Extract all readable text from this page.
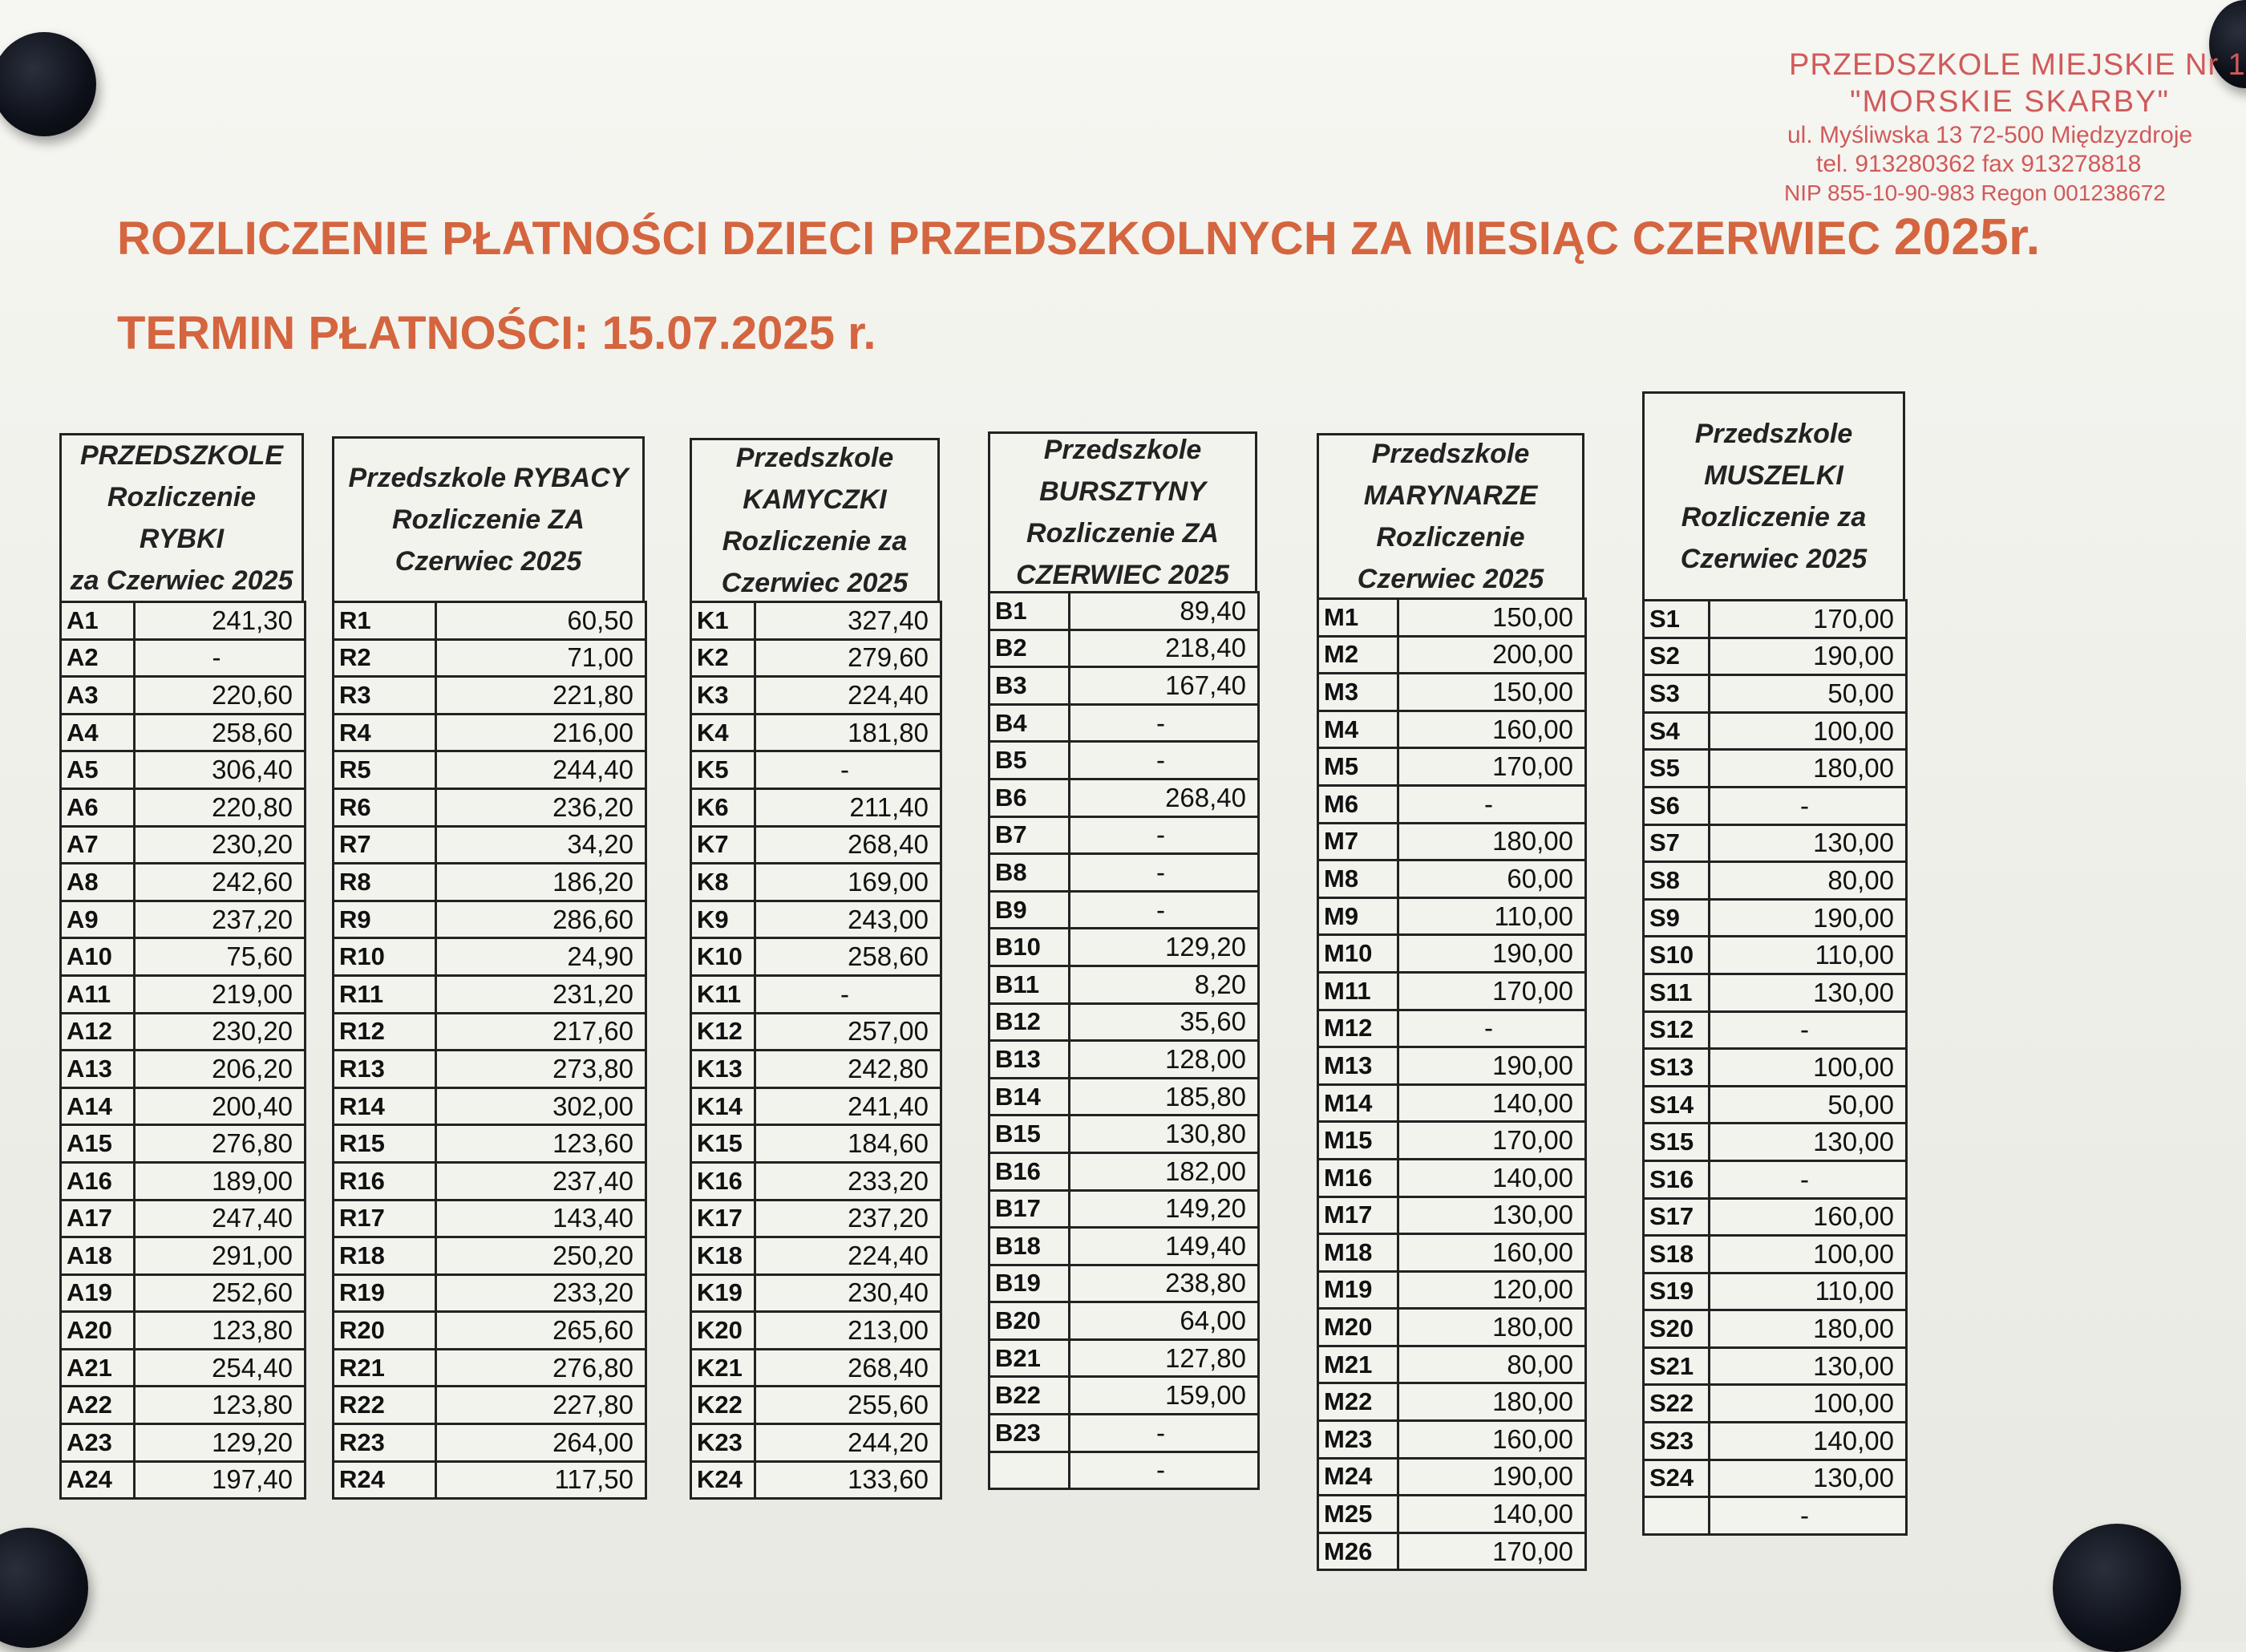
PRZEDSZKOLE MIEJSKIE Nr 1
"MORSKIE SKARBY"
ul. Myśliwska 13 72-500 Międzyzdroje
tel. 913280362 fax 913278818
NIP 855-10-90-983 Regon 001238672
ROZLICZENIE PŁATNOŚCI DZIECI PRZEDSZKOLNYCH ZA MIESIĄC CZERWIEC 2025r.
TERMIN PŁATNOŚCI: 15.07.2025 r.
PRZEDSZKOLE
Rozliczenie
RYBKI
za Czerwiec 2025
A1	241,30
A2	-
A3	220,60
A4	258,60
A5	306,40
A6	220,80
A7	230,20
A8	242,60
A9	237,20
A10	75,60
A11	219,00
A12	230,20
A13	206,20
A14	200,40
A15	276,80
A16	189,00
A17	247,40
A18	291,00
A19	252,60
A20	123,80
A21	254,40
A22	123,80
A23	129,20
A24	197,40
Przedszkole RYBACY
Rozliczenie ZA
Czerwiec 2025
R1	60,50
R2	71,00
R3	221,80
R4	216,00
R5	244,40
R6	236,20
R7	34,20
R8	186,20
R9	286,60
R10	24,90
R11	231,20
R12	217,60
R13	273,80
R14	302,00
R15	123,60
R16	237,40
R17	143,40
R18	250,20
R19	233,20
R20	265,60
R21	276,80
R22	227,80
R23	264,00
R24	117,50
Przedszkole
KAMYCZKI
Rozliczenie za
Czerwiec 2025
K1	327,40
K2	279,60
K3	224,40
K4	181,80
K5	-
K6	211,40
K7	268,40
K8	169,00
K9	243,00
K10	258,60
K11	-
K12	257,00
K13	242,80
K14	241,40
K15	184,60
K16	233,20
K17	237,20
K18	224,40
K19	230,40
K20	213,00
K21	268,40
K22	255,60
K23	244,20
K24	133,60
Przedszkole
BURSZTYNY
Rozliczenie ZA
CZERWIEC 2025
B1	89,40
B2	218,40
B3	167,40
B4	-
B5	-
B6	268,40
B7	-
B8	-
B9	-
B10	129,20
B11	8,20
B12	35,60
B13	128,00
B14	185,80
B15	130,80
B16	182,00
B17	149,20
B18	149,40
B19	238,80
B20	64,00
B21	127,80
B22	159,00
B23	-
	-
Przedszkole
MARYNARZE
Rozliczenie
Czerwiec 2025
M1	150,00
M2	200,00
M3	150,00
M4	160,00
M5	170,00
M6	-
M7	180,00
M8	60,00
M9	110,00
M10	190,00
M11	170,00
M12	-
M13	190,00
M14	140,00
M15	170,00
M16	140,00
M17	130,00
M18	160,00
M19	120,00
M20	180,00
M21	80,00
M22	180,00
M23	160,00
M24	190,00
M25	140,00
M26	170,00
Przedszkole
MUSZELKI
Rozliczenie za
Czerwiec 2025
S1	170,00
S2	190,00
S3	50,00
S4	100,00
S5	180,00
S6	-
S7	130,00
S8	80,00
S9	190,00
S10	110,00
S11	130,00
S12	-
S13	100,00
S14	50,00
S15	130,00
S16	-
S17	160,00
S18	100,00
S19	110,00
S20	180,00
S21	130,00
S22	100,00
S23	140,00
S24	130,00
	-
